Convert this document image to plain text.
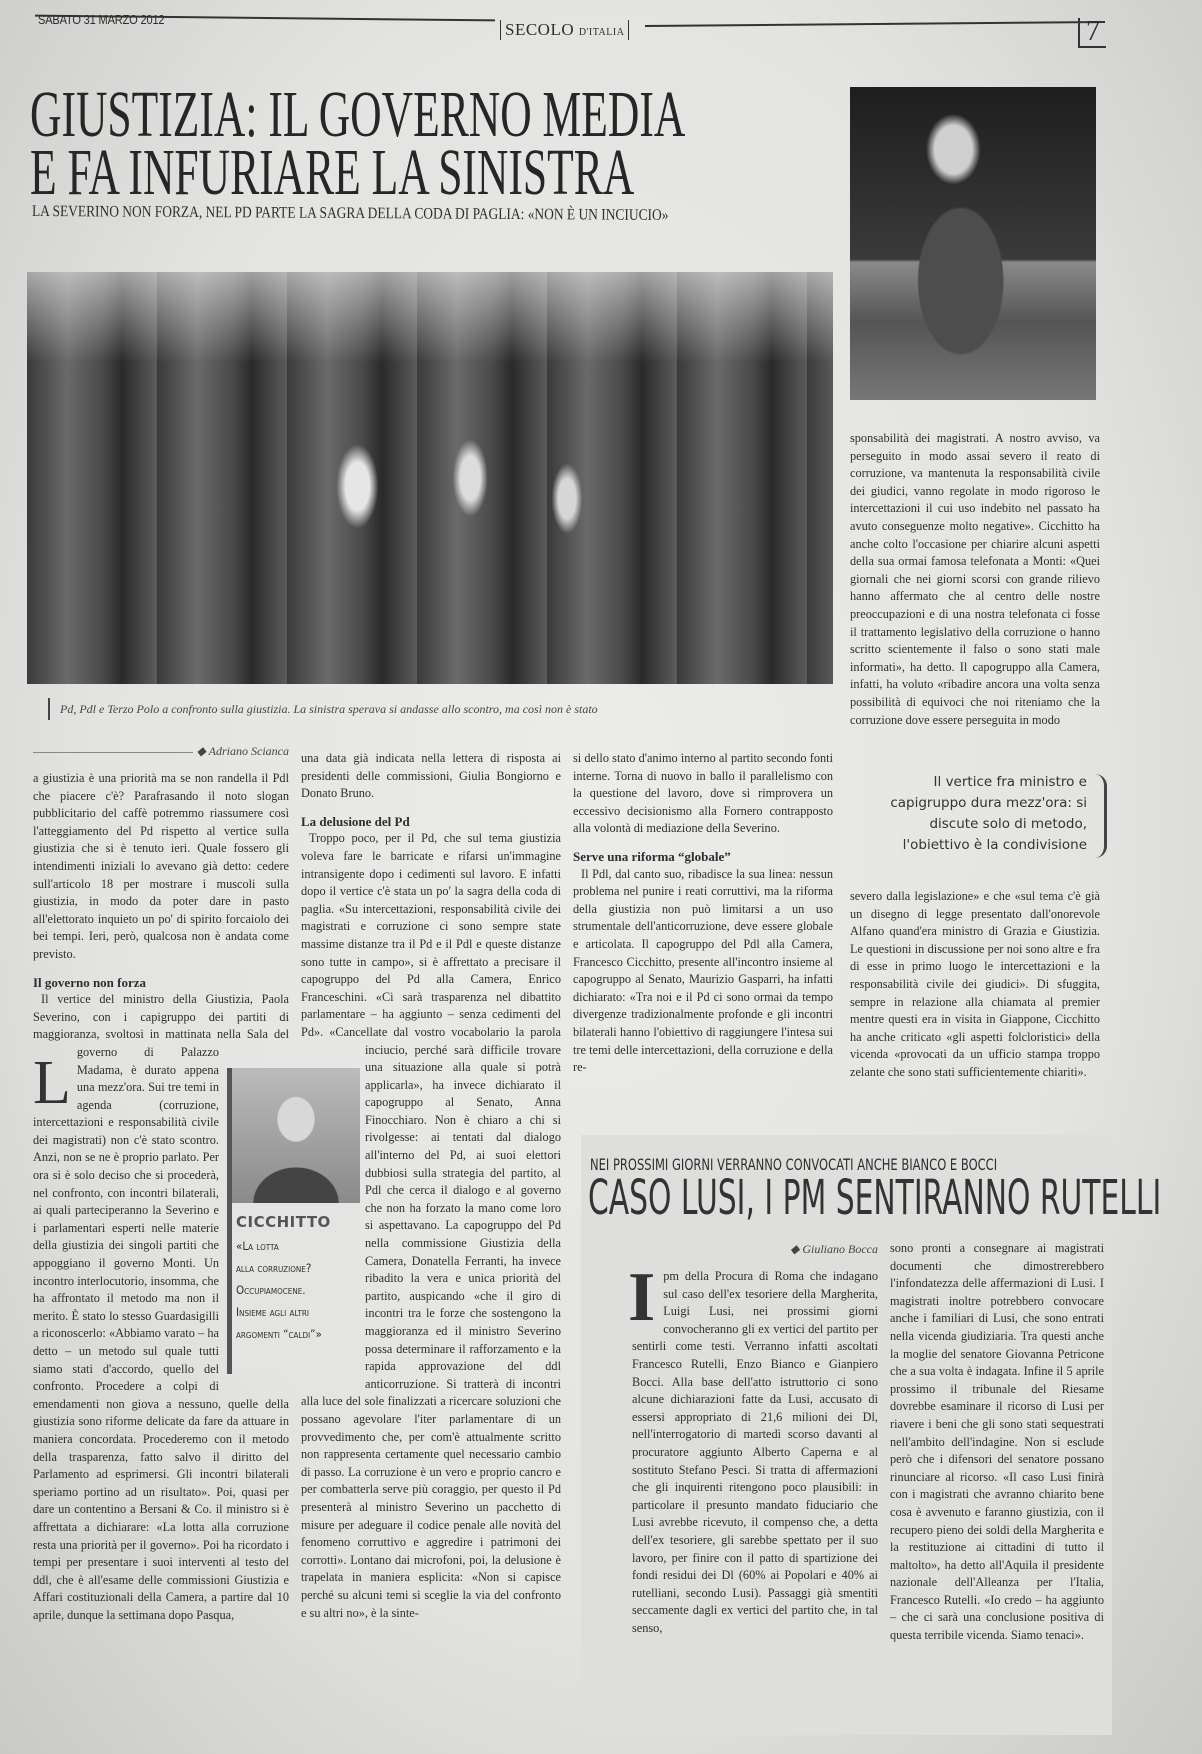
SABATO 31 MARZO 2012
SECOLO D'ITALIA	7
GIUSTIZIA: IL GOVERNO MEDIA
E FA INFURIARE LA SINISTRA
LA SEVERINO NON FORZA, NEL PD PARTE LA SAGRA DELLA CODA DI PAGLIA: «NON È UN INCIUCIO»
Pd, Pdl e Terzo Polo a confronto sulla giustizia. La sinistra sperava si andasse allo scontro, ma così non è stato
◆ Adriano Scianca
L

a giustizia è una priorità ma se non randella il Pdl che piacere c'è? Parafrasando il noto slogan pubblicitario del caffè potremmo riassumere così l'atteggiamento del Pd rispetto al vertice sulla giustizia che si è tenuto ieri. Quale fossero gli intendimenti iniziali lo avevano già detto: cedere sull'articolo 18 per mostrare i muscoli sulla giustizia, in modo da poter dare in pasto all'elettorato inquieto un po' di spirito forcaiolo dei bei tempi. Ieri, però, qualcosa non è andata come previsto.

Il governo non forza

Il vertice del ministro della Giustizia, Paola Severino, con i capigruppo dei partiti di maggioranza, svoltosi in mattinata nella Sala del governo di Palazzo Madama, è durato appena una mezz'ora. Sui tre temi in agenda (corruzione, intercettazioni e responsabilità civile dei magistrati) non c'è stato scontro. Anzi, non se ne è proprio parlato. Per ora si è solo deciso che si procederà, nel confronto, con incontri bilaterali, ai quali parteciperanno la Severino e i parlamentari esperti nelle materie della giustizia dei singoli partiti che appoggiano il governo Monti. Un incontro interlocutorio, insomma, che ha affrontato il metodo ma non il merito. È stato lo stesso Guardasigilli a riconoscerlo: «Abbiamo varato – ha detto – un metodo sul quale tutti siamo stati d'accordo, quello del confronto. Procedere a colpi di emendamenti non giova a nessuno, quelle della giustizia sono riforme delicate da fare da attuare in maniera concordata. Procederemo con il metodo della trasparenza, fatto salvo il diritto del Parlamento ad esprimersi. Gli incontri bilaterali speriamo portino ad un risultato». Poi, quasi per dare un contentino a Bersani & Co. il ministro si è affrettata a dichiarare: «La lotta alla corruzione resta una priorità per il governo». Poi ha ricordato i tempi per presentare i suoi interventi al testo del ddl, che è all'esame delle commissioni Giustizia e Affari costituzionali della Camera, a partire dal 10 aprile, dunque la settimana dopo Pasqua,

una data già indicata nella lettera di risposta ai presidenti delle commissioni, Giulia Bongiorno e Donato Bruno.

La delusione del Pd

Troppo poco, per il Pd, che sul tema giustizia voleva fare le barricate e rifarsi un'immagine intransigente dopo i cedimenti sul lavoro. E infatti dopo il vertice c'è stata un po' la sagra della coda di paglia. «Su intercettazioni, responsabilità civile dei magistrati e corruzione ci sono sempre state massime distanze tra il Pd e il Pdl e queste distanze sono tutte in campo», si è affrettato a precisare il capogruppo del Pd alla Camera, Enrico Franceschini. «Ci sarà trasparenza nel dibattito parlamentare – ha aggiunto – senza cedimenti del Pd». «Cancellate dal vostro vocabolario la parola inciucio, perché sarà difficile trovare una situazione alla quale si potrà applicarla», ha invece dichiarato il capogruppo al Senato, Anna Finocchiaro. Non è chiaro a chi si rivolgesse: ai tentati dal dialogo all'interno del Pd, ai suoi elettori dubbiosi sulla strategia del partito, al Pdl che cerca il dialogo e al governo che non ha forzato la mano come loro si aspettavano. La capogruppo del Pd nella commissione Giustizia della Camera, Donatella Ferranti, ha invece ribadito la vera e unica priorità del partito, auspicando «che il giro di incontri tra le forze che sostengono la maggioranza ed il ministro Severino possa determinare il rafforzamento e la rapida approvazione del ddl anticorruzione. Si tratterà di incontri alla luce del sole finalizzati a ricercare soluzioni che possano agevolare l'iter parlamentare di un provvedimento che, per com'è attualmente scritto non rappresenta certamente quel necessario cambio di passo. La corruzione è un vero e proprio cancro e per combatterla serve più coraggio, per questo il Pd presenterà al ministro Severino un pacchetto di misure per adeguare il codice penale alle novità del fenomeno corruttivo e aggredire i patrimoni dei corrotti». Lontano dai microfoni, poi, la delusione è trapelata in maniera esplicita: «Non si capisce perché su alcuni temi si sceglie la via del confronto e su altri no», è la sinte-

si dello stato d'animo interno al partito secondo fonti interne. Torna di nuovo in ballo il parallelismo con la questione del lavoro, dove si rimprovera un eccessivo decisionismo alla Fornero contrapposto alla volontà di mediazione della Severino.

Serve una riforma “globale”

Il Pdl, dal canto suo, ribadisce la sua linea: nessun problema nel punire i reati corruttivi, ma la riforma della giustizia non può limitarsi a un uso strumentale dell'anticorruzione, deve essere globale e articolata. Il capogruppo del Pdl alla Camera, Francesco Cicchitto, presente all'incontro insieme al capogruppo al Senato, Maurizio Gasparri, ha infatti dichiarato: «Tra noi e il Pd ci sono ormai da tempo divergenze tradizionalmente profonde e gli incontri bilaterali hanno l'obiettivo di raggiungere l'intesa sui tre temi delle intercettazioni, della corruzione e della re-

sponsabilità dei magistrati. A nostro avviso, va perseguito in modo assai severo il reato di corruzione, va mantenuta la responsabilità civile dei giudici, vanno regolate in modo rigoroso le intercettazioni il cui uso indebito nel passato ha avuto conseguenze molto negative». Cicchitto ha anche colto l'occasione per chiarire alcuni aspetti della sua ormai famosa telefonata a Monti: «Quei giornali che nei giorni scorsi con grande rilievo hanno affermato che al centro delle nostre preoccupazioni e di una nostra telefonata ci fosse il trattamento legislativo della corruzione o hanno scritto scientemente il falso o sono stati male informati», ha detto. Il capogruppo alla Camera, infatti, ha voluto «ribadire ancora una volta senza possibilità di equivoci che noi riteniamo che la corruzione dove essere perseguita in modo

Il vertice fra ministro e capigruppo dura mezz'ora: si discute solo di metodo, l'obiettivo è la condivisione

severo dalla legislazione» e che «sul tema c'è già un disegno di legge presentato dall'onorevole Alfano quand'era ministro di Grazia e Giustizia. Le questioni in discussione per noi sono altre e fra di esse in primo luogo le intercettazioni e la responsabilità civile dei giudici». Di sfuggita, sempre in relazione alla chiamata al premier mentre questi era in visita in Giappone, Cicchitto ha anche criticato «gli aspetti folcloristici» della vicenda «provocati da un ufficio stampa troppo zelante che sono stati sufficientemente chiariti».

CICCHITTO
«La lotta
alla corruzione?
Occupiamocene.
Insieme agli altri
argomenti “caldi”»
NEI PROSSIMI GIORNI VERRANNO CONVOCATI ANCHE BIANCO E BOCCI
CASO LUSI, I PM SENTIRANNO RUTELLI
◆ Giuliano Bocca
I pm della Procura di Roma che indagano sul caso dell'ex tesoriere della Margherita, Luigi Lusi, nei prossimi giorni convocheranno gli ex vertici del partito per sentirli come testi. Verranno infatti ascoltati Francesco Rutelli, Enzo Bianco e Gianpiero Bocci. Alla base dell'atto istruttorio ci sono alcune dichiarazioni fatte da Lusi, accusato di essersi appropriato di 21,6 milioni dei Dl, nell'interrogatorio di martedì scorso davanti al procuratore aggiunto Alberto Caperna e al sostituto Stefano Pesci. Si tratta di affermazioni che gli inquirenti ritengono poco plausibili: in particolare il presunto mandato fiduciario che Lusi avrebbe ricevuto, il compenso che, a detta dell'ex tesoriere, gli sarebbe spettato per il suo lavoro, per finire con il patto di spartizione dei fondi residui dei Dl (60% ai Popolari e 40% ai rutelliani, secondo Lusi). Passaggi già smentiti seccamente dagli ex vertici del partito che, in tal senso,

sono pronti a consegnare ai magistrati documenti che dimostrerebbero l'infondatezza delle affermazioni di Lusi. I magistrati inoltre potrebbero convocare anche i familiari di Lusi, che sono entrati nella vicenda giudiziaria. Tra questi anche la moglie del senatore Giovanna Petricone che a sua volta è indagata. Infine il 5 aprile prossimo il tribunale del Riesame dovrebbe esaminare il ricorso di Lusi per riavere i beni che gli sono stati sequestrati nell'ambito dell'indagine. Non si esclude però che i difensori del senatore possano rinunciare al ricorso. «Il caso Lusi finirà con i magistrati che avranno chiarito bene cosa è avvenuto e faranno giustizia, con il recupero pieno dei soldi della Margherita e la restituzione ai cittadini di tutto il maltolto», ha detto all'Aquila il presidente nazionale dell'Alleanza per l'Italia, Francesco Rutelli. «Io credo – ha aggiunto – che ci sarà una conclusione positiva di questa terribile vicenda. Siamo tenaci».
